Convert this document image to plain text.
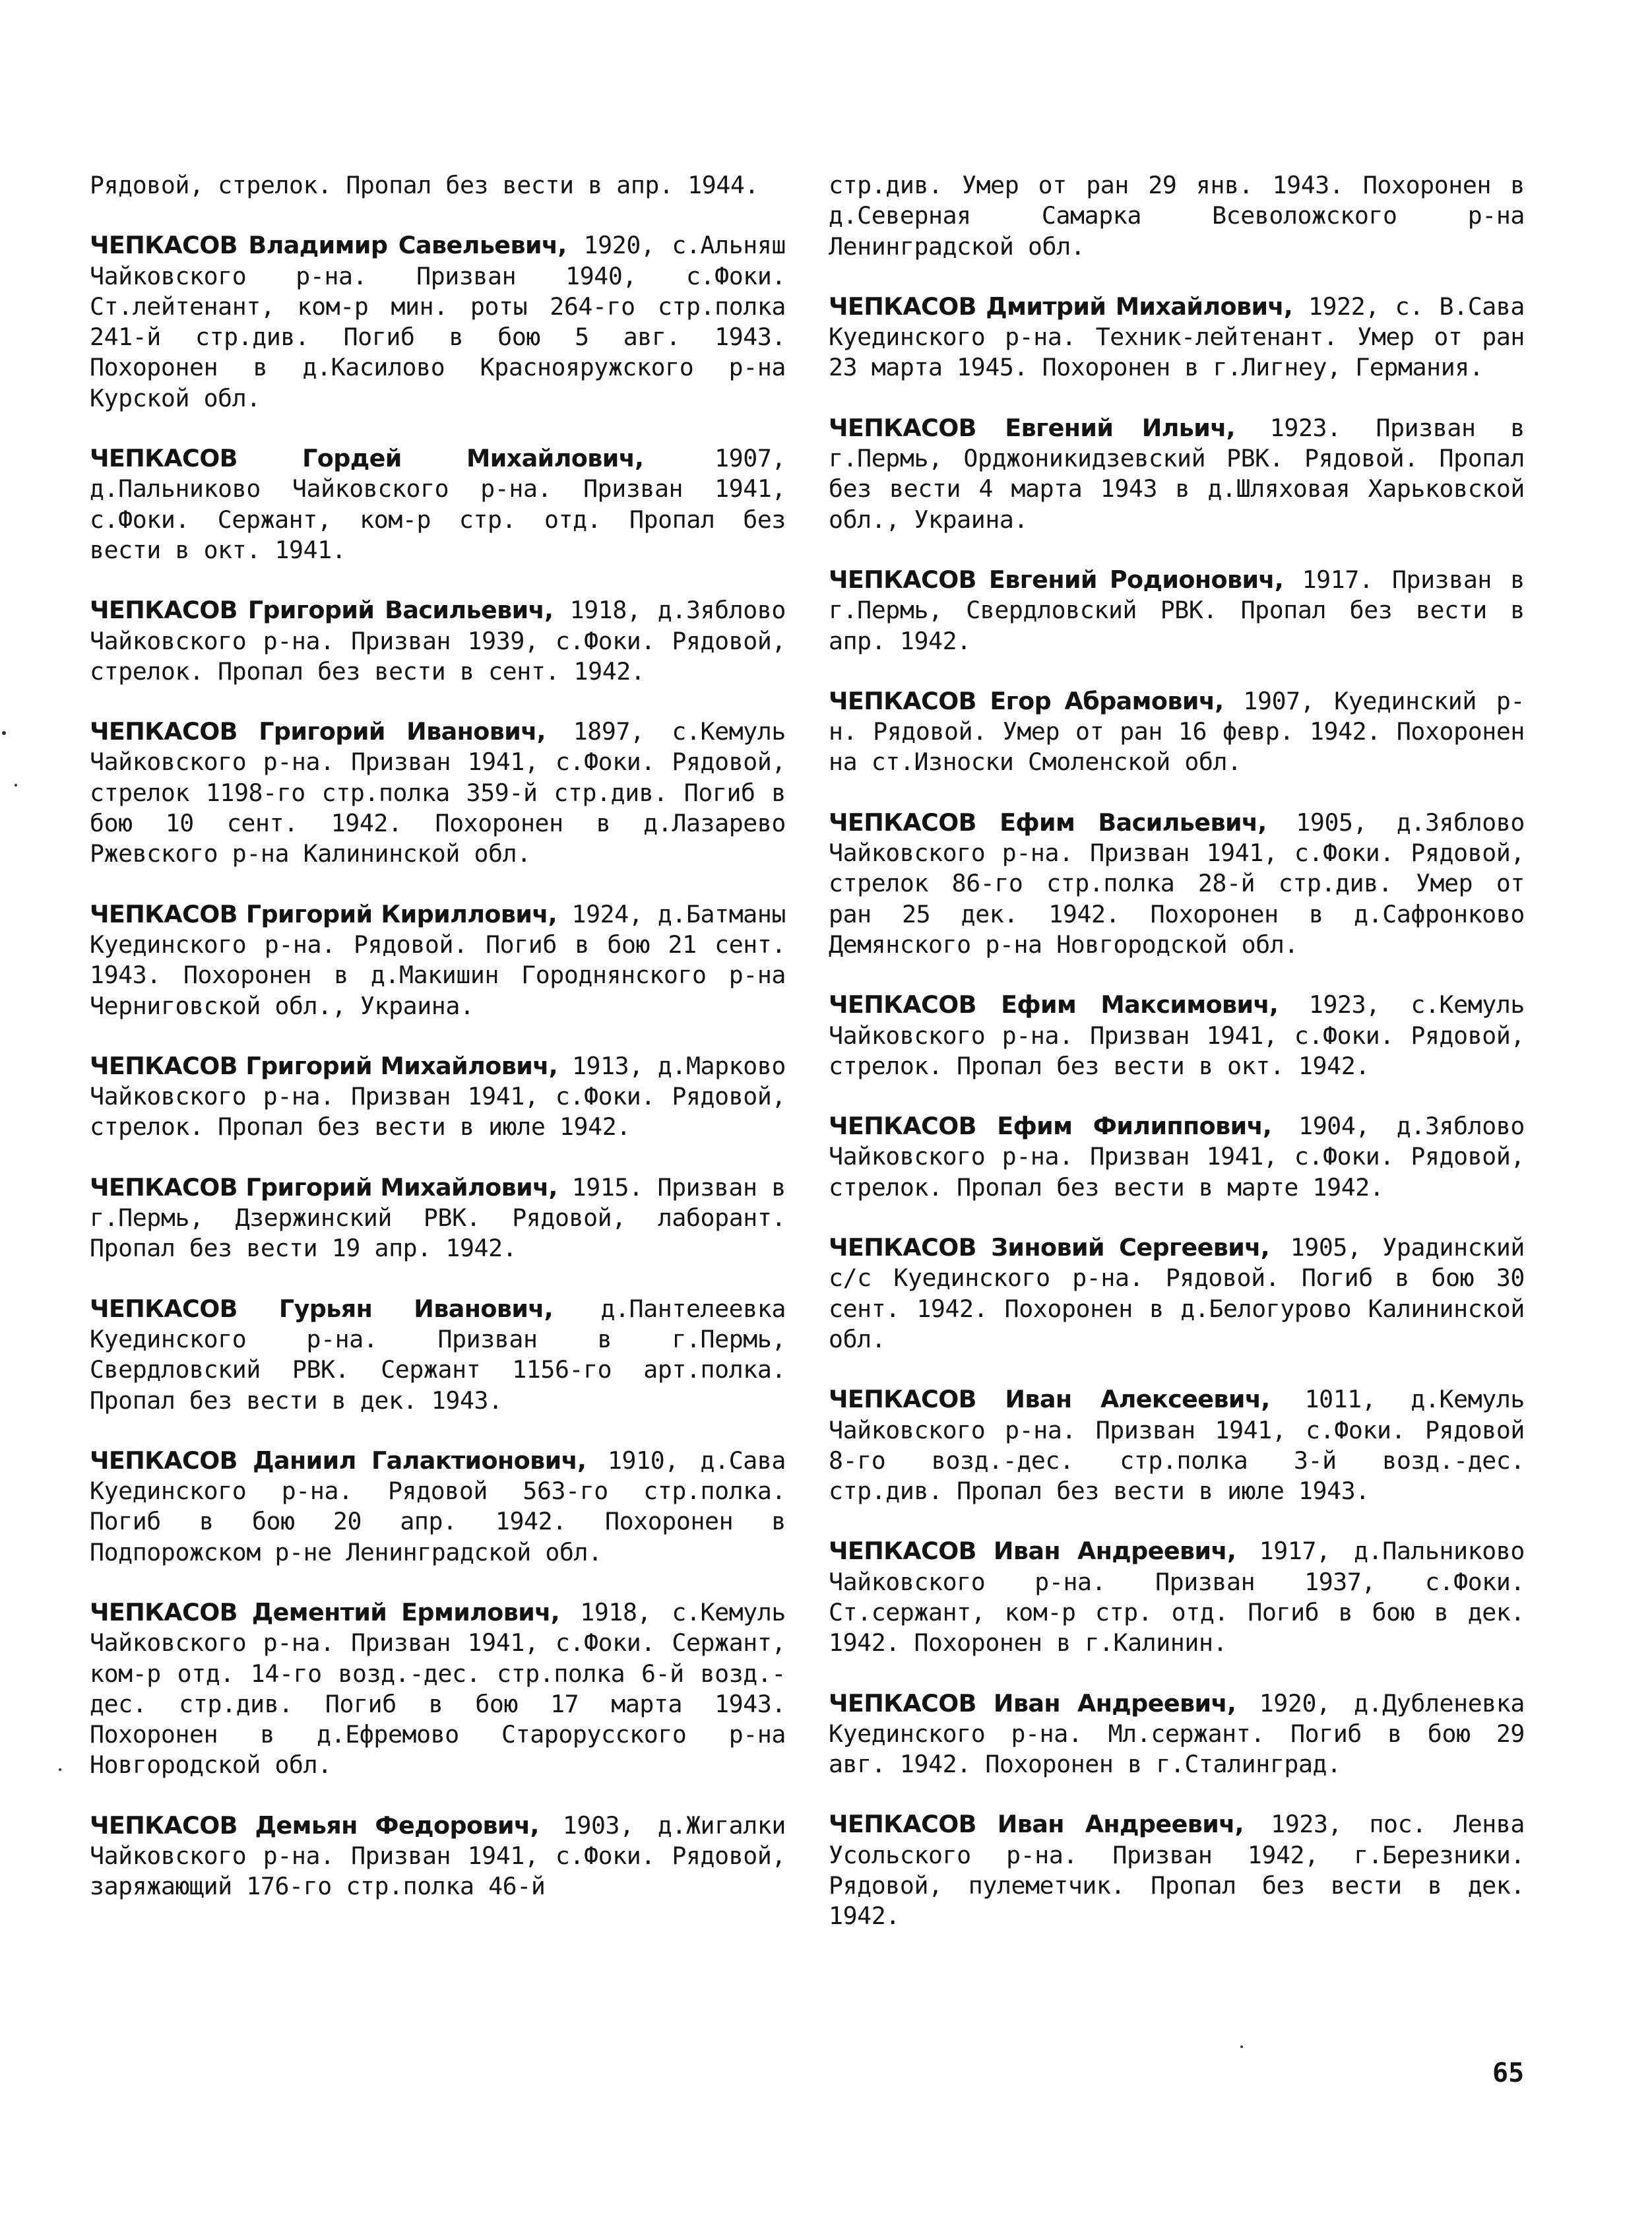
Рядовой, стрелок. Пропал без вести в апр. 1944.

ЧЕПКАСОВ Владимир Савельевич, 1920, с.Альняш Чайковского р-на. Призван 1940, с.Фоки. Ст.лейтенант, ком-р мин. роты 264-го стр.полка 241-й стр.див. Погиб в бою 5 авг. 1943. Похоронен в д.Касилово Краснояружского р-на Курской обл.

ЧЕПКАСОВ Гордей Михайлович, 1907, д.Пальниково Чайковского р-на. Призван 1941, с.Фоки. Сержант, ком-р стр. отд. Пропал без вести в окт. 1941.

ЧЕПКАСОВ Григорий Васильевич, 1918, д.Зяблово Чайковского р-на. Призван 1939, с.Фоки. Рядовой, стрелок. Пропал без вести в сент. 1942.

ЧЕПКАСОВ Григорий Иванович, 1897, с.Кемуль Чайковского р-на. Призван 1941, с.Фоки. Рядовой, стрелок 1198-го стр.полка 359-й стр.див. Погиб в бою 10 сент. 1942. Похоронен в д.Лазарево Ржевского р-на Калининской обл.

ЧЕПКАСОВ Григорий Кириллович, 1924, д.Батманы Куединского р-на. Рядовой. Погиб в бою 21 сент. 1943. Похоронен в д.Макишин Городнянского р-на Черниговской обл., Украина.

ЧЕПКАСОВ Григорий Михайлович, 1913, д.Марково Чайковского р-на. Призван 1941, с.Фоки. Рядовой, стрелок. Пропал без вести в июле 1942.

ЧЕПКАСОВ Григорий Михайлович, 1915. Призван в г.Пермь, Дзержинский РВК. Рядовой, лаборант. Пропал без вести 19 апр. 1942.

ЧЕПКАСОВ Гурьян Иванович, д.Пантелеевка Куединского р-на. Призван в г.Пермь, Свердловский РВК. Сержант 1156-го арт.полка. Пропал без вести в дек. 1943.

ЧЕПКАСОВ Даниил Галактионович, 1910, д.Сава Куединского р-на. Рядовой 563-го стр.полка. Погиб в бою 20 апр. 1942. Похоронен в Подпорожском р-не Ленинградской обл.

ЧЕПКАСОВ Дементий Ермилович, 1918, с.Кемуль Чайковского р-на. Призван 1941, с.Фоки. Сержант, ком-р отд. 14-го возд.-дес. стр.полка 6-й возд.-дес. стр.див. Погиб в бою 17 марта 1943. Похоронен в д.Ефремово Старорусского р-на Новгородской обл.

ЧЕПКАСОВ Демьян Федорович, 1903, д.Жигалки Чайковского р-на. Призван 1941, с.Фоки. Рядовой, заряжающий 176-го стр.полка 46-й

стр.див. Умер от ран 29 янв. 1943. Похоронен в д.Северная Самарка Всеволожского р-на Ленинградской обл.

ЧЕПКАСОВ Дмитрий Михайлович, 1922, с. В.Сава Куединского р-на. Техник-лейтенант. Умер от ран 23 марта 1945. Похоронен в г.Лигнеу, Германия.

ЧЕПКАСОВ Евгений Ильич, 1923. Призван в г.Пермь, Орджоникидзевский РВК. Рядовой. Пропал без вести 4 марта 1943 в д.Шляховая Харьковской обл., Украина.

ЧЕПКАСОВ Евгений Родионович, 1917. Призван в г.Пермь, Свердловский РВК. Пропал без вести в апр. 1942.

ЧЕПКАСОВ Егор Абрамович, 1907, Куединский р-н. Рядовой. Умер от ран 16 февр. 1942. Похоронен на ст.Износки Смоленской обл.

ЧЕПКАСОВ Ефим Васильевич, 1905, д.Зяблово Чайковского р-на. Призван 1941, с.Фоки. Рядовой, стрелок 86-го стр.полка 28-й стр.див. Умер от ран 25 дек. 1942. Похоронен в д.Сафронково Демянского р-на Новгородской обл.

ЧЕПКАСОВ Ефим Максимович, 1923, с.Кемуль Чайковского р-на. Призван 1941, с.Фоки. Рядовой, стрелок. Пропал без вести в окт. 1942.

ЧЕПКАСОВ Ефим Филиппович, 1904, д.Зяблово Чайковского р-на. Призван 1941, с.Фоки. Рядовой, стрелок. Пропал без вести в марте 1942.

ЧЕПКАСОВ Зиновий Сергеевич, 1905, Урадинский с/с Куединского р-на. Рядовой. Погиб в бою 30 сент. 1942. Похоронен в д.Белогурово Калининской обл.

ЧЕПКАСОВ Иван Алексеевич, 1011, д.Кемуль Чайковского р-на. Призван 1941, с.Фоки. Рядовой 8-го возд.-дес. стр.полка 3-й возд.-дес. стр.див. Пропал без вести в июле 1943.

ЧЕПКАСОВ Иван Андреевич, 1917, д.Пальниково Чайковского р-на. Призван 1937, с.Фоки. Ст.сержант, ком-р стр. отд. Погиб в бою в дек. 1942. Похоронен в г.Калинин.

ЧЕПКАСОВ Иван Андреевич, 1920, д.Дубленевка Куединского р-на. Мл.сержант. Погиб в бою 29 авг. 1942. Похоронен в г.Сталинград.

ЧЕПКАСОВ Иван Андреевич, 1923, пос. Ленва Усольского р-на. Призван 1942, г.Березники. Рядовой, пулеметчик. Пропал без вести в дек. 1942.

65
